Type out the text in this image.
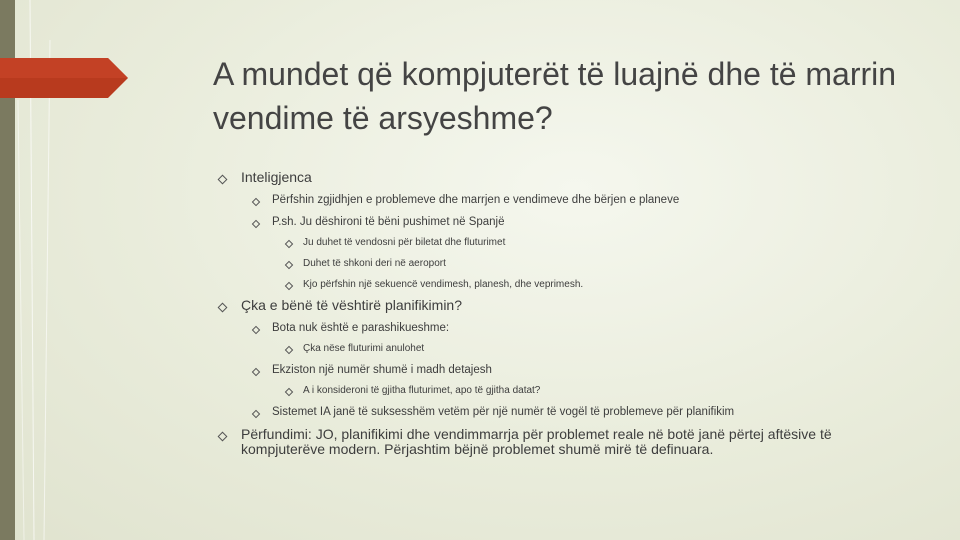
A mundet që kompjuterët të luajnë dhe të marrin vendime të arsyeshme?
Inteligjenca
Përfshin zgjidhjen e problemeve dhe marrjen e vendimeve dhe bërjen e planeve
P.sh. Ju dëshironi të bëni pushimet në Spanjë
Ju duhet të vendosni për biletat dhe fluturimet
Duhet të shkoni deri në aeroport
Kjo përfshin një sekuencë vendimesh, planesh, dhe veprimesh.
Çka e bënë të vështirë planifikimin?
Bota nuk është e parashikueshme:
Çka nëse fluturimi anulohet
Ekziston një numër shumë i madh detajesh
A i konsideroni të gjitha fluturimet, apo të gjitha datat?
Sistemet IA janë të suksesshëm vetëm për një numër të vogël të problemeve për planifikim
Përfundimi: JO, planifikimi dhe vendimmarrja për problemet reale në botë janë përtej aftësive të kompjuterëve modern. Përjashtim bëjnë problemet shumë mirë të definuara.
